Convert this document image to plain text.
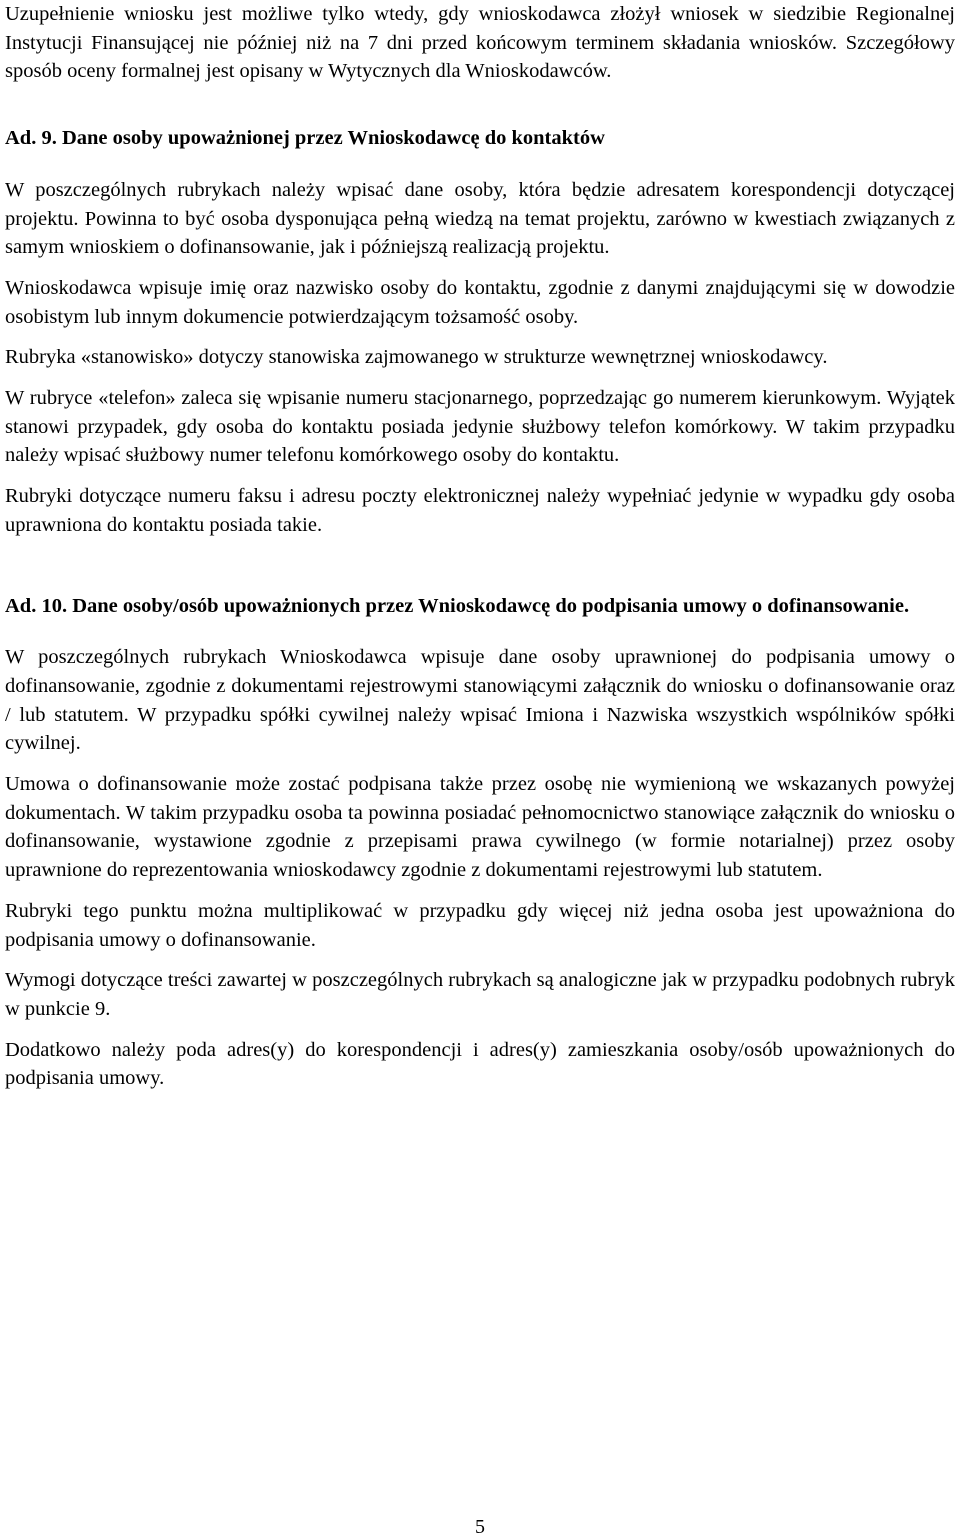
Uzupełnienie wniosku jest możliwe tylko wtedy, gdy wnioskodawca złożył wniosek w siedzibie Regionalnej Instytucji Finansującej nie później niż na 7 dni przed końcowym terminem składania wniosków. Szczegółowy sposób oceny formalnej jest opisany w Wytycznych dla Wnioskodawców.

Ad. 9. Dane osoby upoważnionej przez Wnioskodawcę do kontaktów

W poszczególnych rubrykach należy wpisać dane osoby, która będzie adresatem korespondencji dotyczącej projektu. Powinna to być osoba dysponująca pełną wiedzą na temat projektu, zarówno w kwestiach związanych z samym wnioskiem o dofinansowanie, jak i późniejszą realizacją projektu.

Wnioskodawca wpisuje imię oraz nazwisko osoby do kontaktu, zgodnie z danymi znajdującymi się w dowodzie osobistym lub innym dokumencie potwierdzającym tożsamość osoby.

Rubryka «stanowisko» dotyczy stanowiska zajmowanego w strukturze wewnętrznej wnioskodawcy.

W rubryce «telefon» zaleca się wpisanie numeru stacjonarnego, poprzedzając go numerem kierunkowym. Wyjątek stanowi przypadek, gdy osoba do kontaktu posiada jedynie służbowy telefon komórkowy. W takim przypadku należy wpisać służbowy numer telefonu komórkowego osoby do kontaktu.

Rubryki dotyczące numeru faksu i adresu poczty elektronicznej należy wypełniać jedynie w wypadku gdy osoba uprawniona do kontaktu posiada takie.

Ad. 10. Dane osoby/osób upoważnionych przez Wnioskodawcę do podpisania umowy o dofinansowanie.

W poszczególnych rubrykach Wnioskodawca wpisuje dane osoby uprawnionej do podpisania umowy o dofinansowanie, zgodnie z dokumentami rejestrowymi stanowiącymi załącznik do wniosku o dofinansowanie oraz / lub statutem. W przypadku spółki cywilnej należy wpisać Imiona i Nazwiska wszystkich wspólników spółki cywilnej.

Umowa o dofinansowanie może zostać podpisana także przez osobę nie wymienioną we wskazanych powyżej dokumentach. W takim przypadku osoba ta powinna posiadać pełnomocnictwo stanowiące załącznik do wniosku o dofinansowanie, wystawione zgodnie z przepisami prawa cywilnego (w formie notarialnej) przez osoby uprawnione do reprezentowania wnioskodawcy zgodnie z dokumentami rejestrowymi lub statutem.

Rubryki tego punktu można multiplikować w przypadku gdy więcej niż jedna osoba jest upoważniona do podpisania umowy o dofinansowanie.

Wymogi dotyczące treści zawartej w poszczególnych rubrykach są analogiczne jak w przypadku podobnych rubryk w punkcie 9.

Dodatkowo należy poda adres(y) do korespondencji i adres(y) zamieszkania osoby/osób upoważnionych do podpisania umowy.

5
